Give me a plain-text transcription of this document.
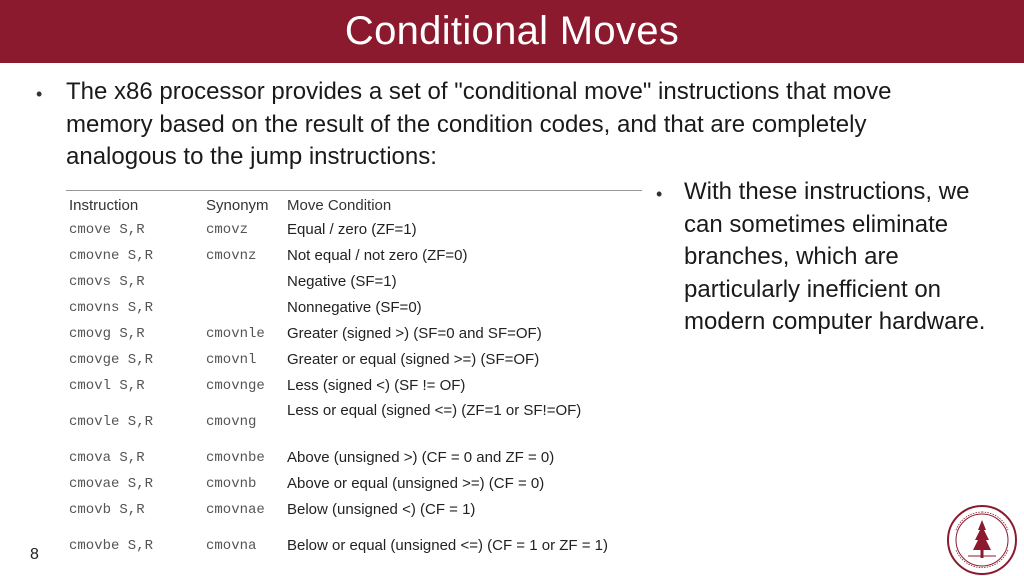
Conditional Moves
• The x86 processor provides a set of "conditional move" instructions that move memory based on the result of the condition codes, and that are completely analogous to the jump instructions:
Instruction	Synonym	Move Condition
cmove S,R	cmovz	Equal / zero (ZF=1)
cmovne S,R	cmovnz	Not equal / not zero (ZF=0)
cmovs S,R		Negative (SF=1)
cmovns S,R		Nonnegative (SF=0)
cmovg S,R	cmovnle	Greater (signed >) (SF=0 and SF=OF)
cmovge S,R	cmovnl	Greater or equal (signed >=) (SF=OF)
cmovl S,R	cmovnge	Less (signed <) (SF != OF)
cmovle S,R	cmovng	Less or equal (signed <=) (ZF=1 or SF!=OF)
cmova S,R	cmovnbe	Above (unsigned >) (CF = 0 and ZF = 0)
cmovae S,R	cmovnb	Above or equal (unsigned >=) (CF = 0)
cmovb S,R	cmovnae	Below (unsigned <) (CF = 1)
cmovbe S,R	cmovna	Below or equal (unsigned <=) (CF = 1 or ZF = 1)
• With these instructions, we can sometimes eliminate branches, which are particularly inefficient on modern computer hardware.
8
